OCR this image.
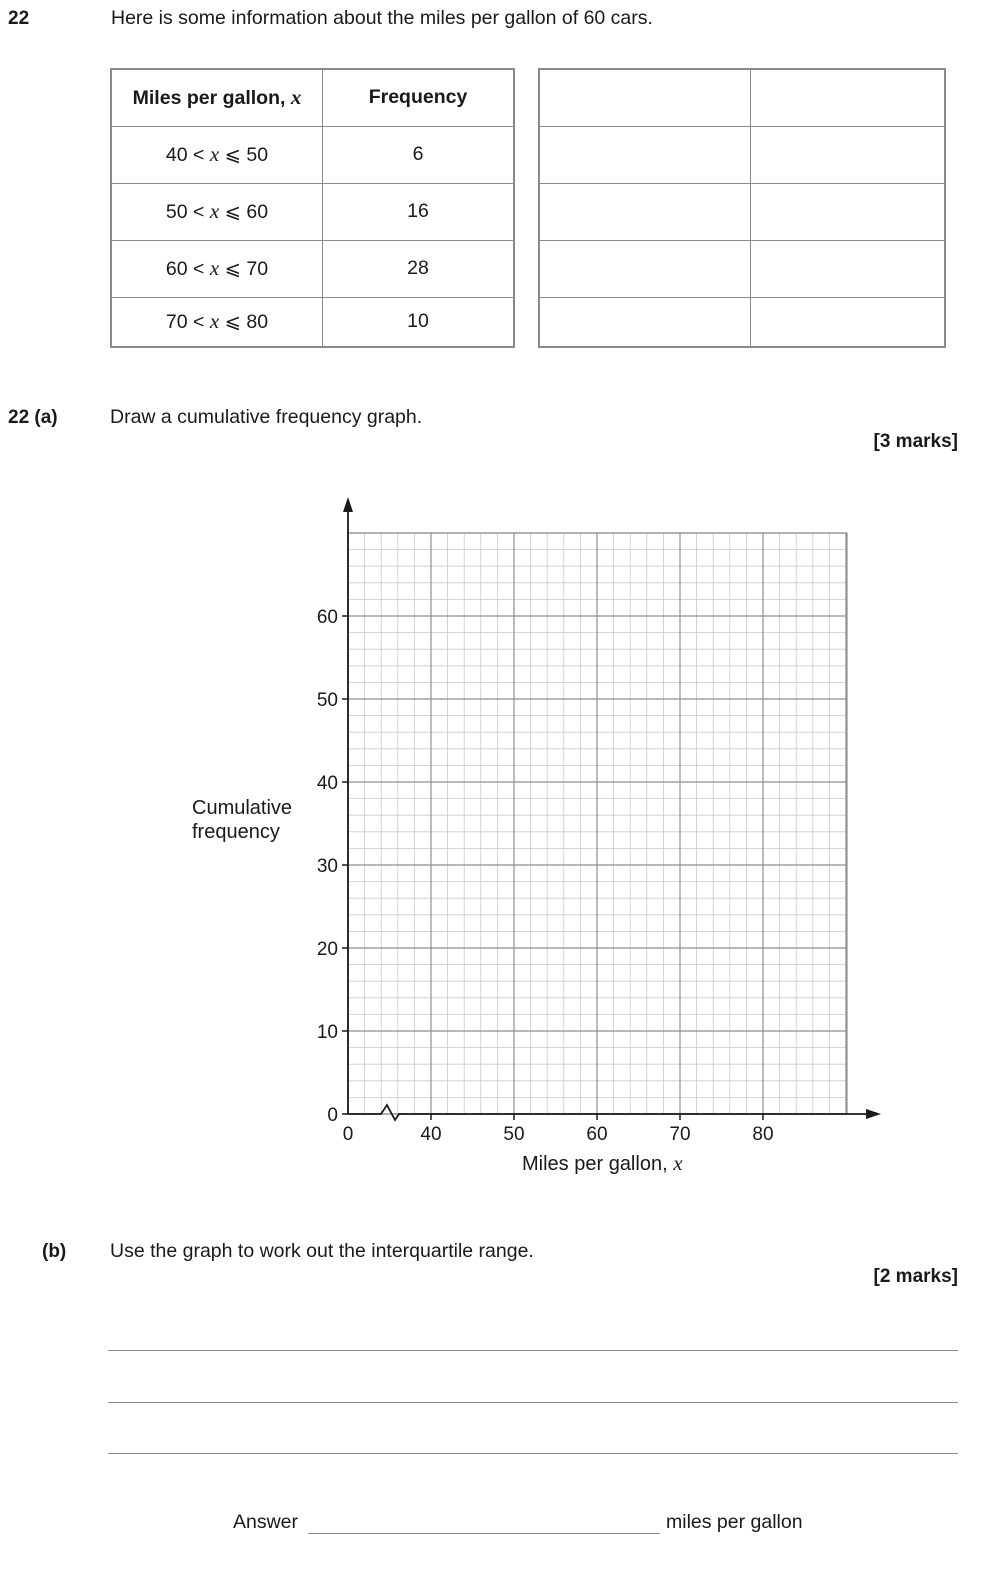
22	Here is some information about the miles per gallon of 60 cars.
Miles per gallon, x	Frequency
40 < x ⩽ 50	6
50 < x ⩽ 60	16
60 < x ⩽ 70	28
70 < x ⩽ 80	10

22 (a)	Draw a cumulative frequency graph.
[3 marks]
0
10
20
30
40
50
60
0	40	50	60	70	80
Cumulative
frequency
Miles per gallon, x
(b) Use the graph to work out the interquartile range.
[2 marks]
Answer	miles per gallon
